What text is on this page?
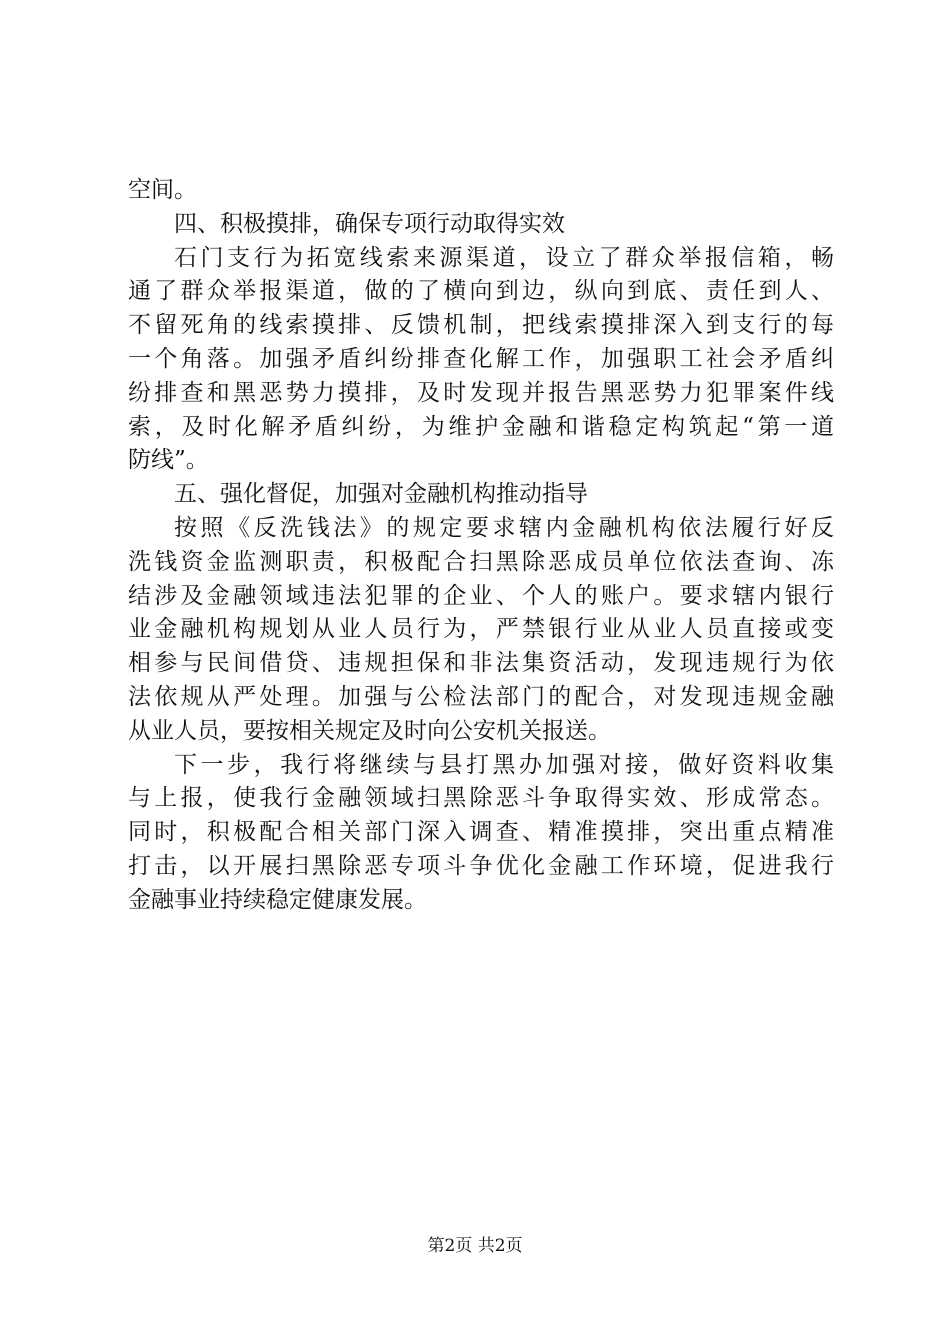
空间。
四、积极摸排，确保专项行动取得实效
石门支行为拓宽线索来源渠道，设立了群众举报信箱，畅
通了群众举报渠道，做的了横向到边，纵向到底、责任到人、
不留死角的线索摸排、反馈机制，把线索摸排深入到支行的每
一个角落。加强矛盾纠纷排查化解工作，加强职工社会矛盾纠
纷排查和黑恶势力摸排，及时发现并报告黑恶势力犯罪案件线
索，及时化解矛盾纠纷，为维护金融和谐稳定构筑起“第一道
防线”。
五、强化督促，加强对金融机构推动指导
按照《反洗钱法》的规定要求辖内金融机构依法履行好反
洗钱资金监测职责，积极配合扫黑除恶成员单位依法查询、冻
结涉及金融领域违法犯罪的企业、个人的账户。要求辖内银行
业金融机构规划从业人员行为，严禁银行业从业人员直接或变
相参与民间借贷、违规担保和非法集资活动，发现违规行为依
法依规从严处理。加强与公检法部门的配合，对发现违规金融
从业人员，要按相关规定及时向公安机关报送。
下一步，我行将继续与县打黑办加强对接，做好资料收集
与上报，使我行金融领域扫黑除恶斗争取得实效、形成常态。
同时，积极配合相关部门深入调查、精准摸排，突出重点精准
打击，以开展扫黑除恶专项斗争优化金融工作环境，促进我行
金融事业持续稳定健康发展。
第2页 共2页
